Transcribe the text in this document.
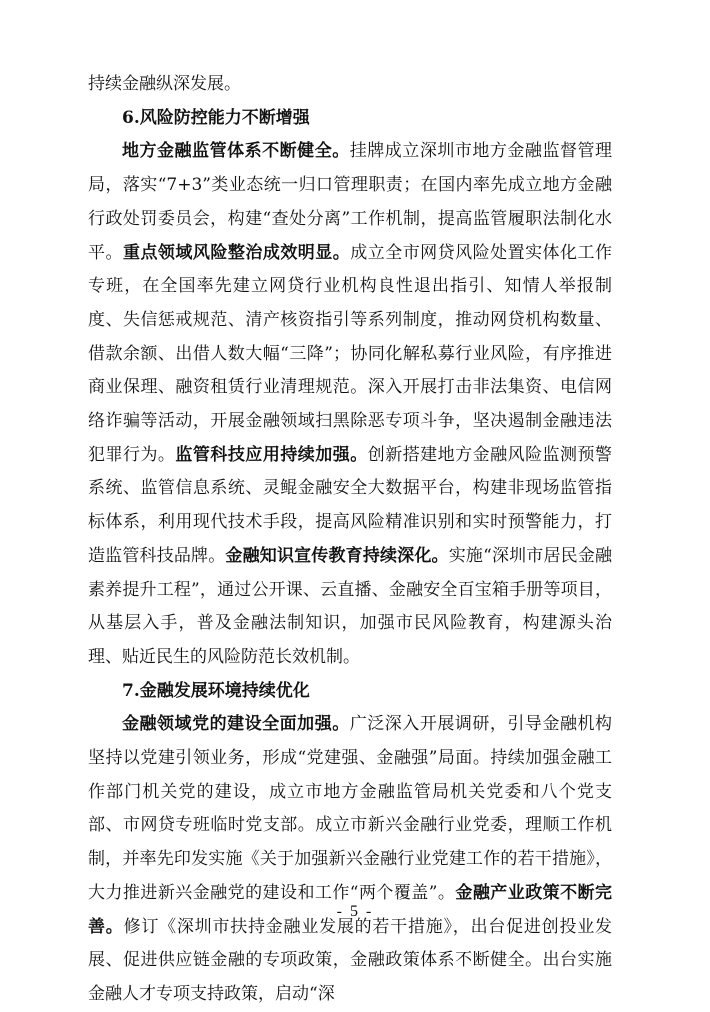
持续金融纵深发展。

6.风险防控能力不断增强

地方金融监管体系不断健全。挂牌成立深圳市地方金融监督管理局，落实“7+3”类业态统一归口管理职责；在国内率先成立地方金融行政处罚委员会，构建“查处分离”工作机制，提高监管履职法制化水平。重点领域风险整治成效明显。成立全市网贷风险处置实体化工作专班，在全国率先建立网贷行业机构良性退出指引、知情人举报制度、失信惩戒规范、清产核资指引等系列制度，推动网贷机构数量、借款余额、出借人数大幅“三降”；协同化解私募行业风险，有序推进商业保理、融资租赁行业清理规范。深入开展打击非法集资、电信网络诈骗等活动，开展金融领域扫黑除恶专项斗争，坚决遏制金融违法犯罪行为。监管科技应用持续加强。创新搭建地方金融风险监测预警系统、监管信息系统、灵鲲金融安全大数据平台，构建非现场监管指标体系，利用现代技术手段，提高风险精准识别和实时预警能力，打造监管科技品牌。金融知识宣传教育持续深化。实施“深圳市居民金融素养提升工程”，通过公开课、云直播、金融安全百宝箱手册等项目，从基层入手，普及金融法制知识，加强市民风险教育，构建源头治理、贴近民生的风险防范长效机制。

7.金融发展环境持续优化

金融领域党的建设全面加强。广泛深入开展调研，引导金融机构坚持以党建引领业务，形成“党建强、金融强”局面。持续加强金融工作部门机关党的建设，成立市地方金融监管局机关党委和八个党支部、市网贷专班临时党支部。成立市新兴金融行业党委，理顺工作机制，并率先印发实施《关于加强新兴金融行业党建工作的若干措施》，大力推进新兴金融党的建设和工作“两个覆盖”。金融产业政策不断完善。修订《深圳市扶持金融业发展的若干措施》，出台促进创投业发展、促进供应链金融的专项政策，金融政策体系不断健全。出台实施金融人才专项支持政策，启动“深

- 5 -
